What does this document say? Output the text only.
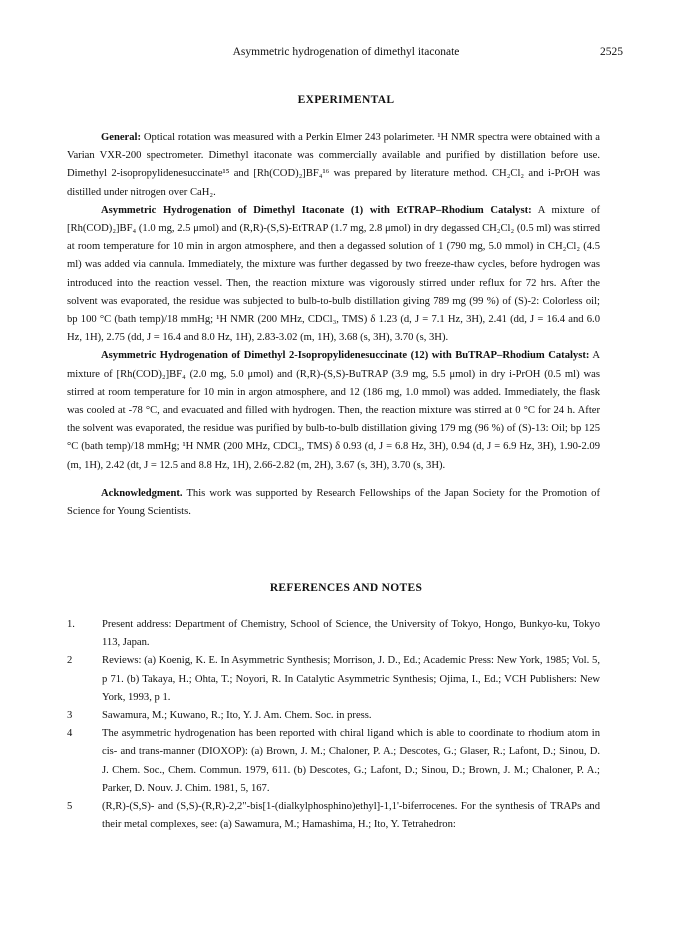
Asymmetric hydrogenation of dimethyl itaconate	2525
EXPERIMENTAL

General: Optical rotation was measured with a Perkin Elmer 243 polarimeter. ¹H NMR spectra were obtained with a Varian VXR-200 spectrometer. Dimethyl itaconate was commercially available and purified by distillation before use. Dimethyl 2-isopropylidenesuccinate¹⁵ and [Rh(COD)₂]BF₄¹⁶ was prepared by literature method. CH₂Cl₂ and i-PrOH was distilled under nitrogen over CaH₂.

Asymmetric Hydrogenation of Dimethyl Itaconate (1) with EtTRAP–Rhodium Catalyst: A mixture of [Rh(COD)₂]BF₄ (1.0 mg, 2.5 μmol) and (R,R)-(S,S)-EtTRAP (1.7 mg, 2.8 μmol) in dry degassed CH₂Cl₂ (0.5 ml) was stirred at room temperature for 10 min in argon atmosphere, and then a degassed solution of 1 (790 mg, 5.0 mmol) in CH₂Cl₂ (4.5 ml) was added via cannula. Immediately, the mixture was further degassed by two freeze-thaw cycles, before hydrogen was introduced into the reaction vessel. Then, the reaction mixture was vigorously stirred under reflux for 72 hrs. After the solvent was evaporated, the residue was subjected to bulb-to-bulb distillation giving 789 mg (99 %) of (S)-2: Colorless oil; bp 100 °C (bath temp)/18 mmHg; ¹H NMR (200 MHz, CDCl₃, TMS) δ 1.23 (d, J = 7.1 Hz, 3H), 2.41 (dd, J = 16.4 and 6.0 Hz, 1H), 2.75 (dd, J = 16.4 and 8.0 Hz, 1H), 2.83-3.02 (m, 1H), 3.68 (s, 3H), 3.70 (s, 3H).

Asymmetric Hydrogenation of Dimethyl 2-Isopropylidenesuccinate (12) with BuTRAP–Rhodium Catalyst: A mixture of [Rh(COD)₂]BF₄ (2.0 mg, 5.0 μmol) and (R,R)-(S,S)-BuTRAP (3.9 mg, 5.5 μmol) in dry i-PrOH (0.5 ml) was stirred at room temperature for 10 min in argon atmosphere, and 12 (186 mg, 1.0 mmol) was added. Immediately, the flask was cooled at -78 °C, and evacuated and filled with hydrogen. Then, the reaction mixture was stirred at 0 °C for 24 h. After the solvent was evaporated, the residue was purified by bulb-to-bulb distillation giving 179 mg (96 %) of (S)-13: Oil; bp 125 °C (bath temp)/18 mmHg; ¹H NMR (200 MHz, CDCl₃, TMS) δ 0.93 (d, J = 6.8 Hz, 3H), 0.94 (d, J = 6.9 Hz, 3H), 1.90-2.09 (m, 1H), 2.42 (dt, J = 12.5 and 8.8 Hz, 1H), 2.66-2.82 (m, 2H), 3.67 (s, 3H), 3.70 (s, 3H).

Acknowledgment. This work was supported by Research Fellowships of the Japan Society for the Promotion of Science for Young Scientists.

REFERENCES AND NOTES
1.	Present address: Department of Chemistry, School of Science, the University of Tokyo, Hongo, Bunkyo-ku, Tokyo 113, Japan.
2	Reviews: (a) Koenig, K. E. In Asymmetric Synthesis; Morrison, J. D., Ed.; Academic Press: New York, 1985; Vol. 5, p 71. (b) Takaya, H.; Ohta, T.; Noyori, R. In Catalytic Asymmetric Synthesis; Ojima, I., Ed.; VCH Publishers: New York, 1993, p 1.
3	Sawamura, M.; Kuwano, R.; Ito, Y. J. Am. Chem. Soc. in press.
4	The asymmetric hydrogenation has been reported with chiral ligand which is able to coordinate to rhodium atom in cis- and trans-manner (DIOXOP): (a) Brown, J. M.; Chaloner, P. A.; Descotes, G.; Glaser, R.; Lafont, D.; Sinou, D. J. Chem. Soc., Chem. Commun. 1979, 611. (b) Descotes, G.; Lafont, D.; Sinou, D.; Brown, J. M.; Chaloner, P. A.; Parker, D. Nouv. J. Chim. 1981, 5, 167.
5	(R,R)-(S,S)- and (S,S)-(R,R)-2,2"-bis[1-(dialkylphosphino)ethyl]-1,1'-biferrocenes. For the synthesis of TRAPs and their metal complexes, see: (a) Sawamura, M.; Hamashima, H.; Ito, Y. Tetrahedron:
